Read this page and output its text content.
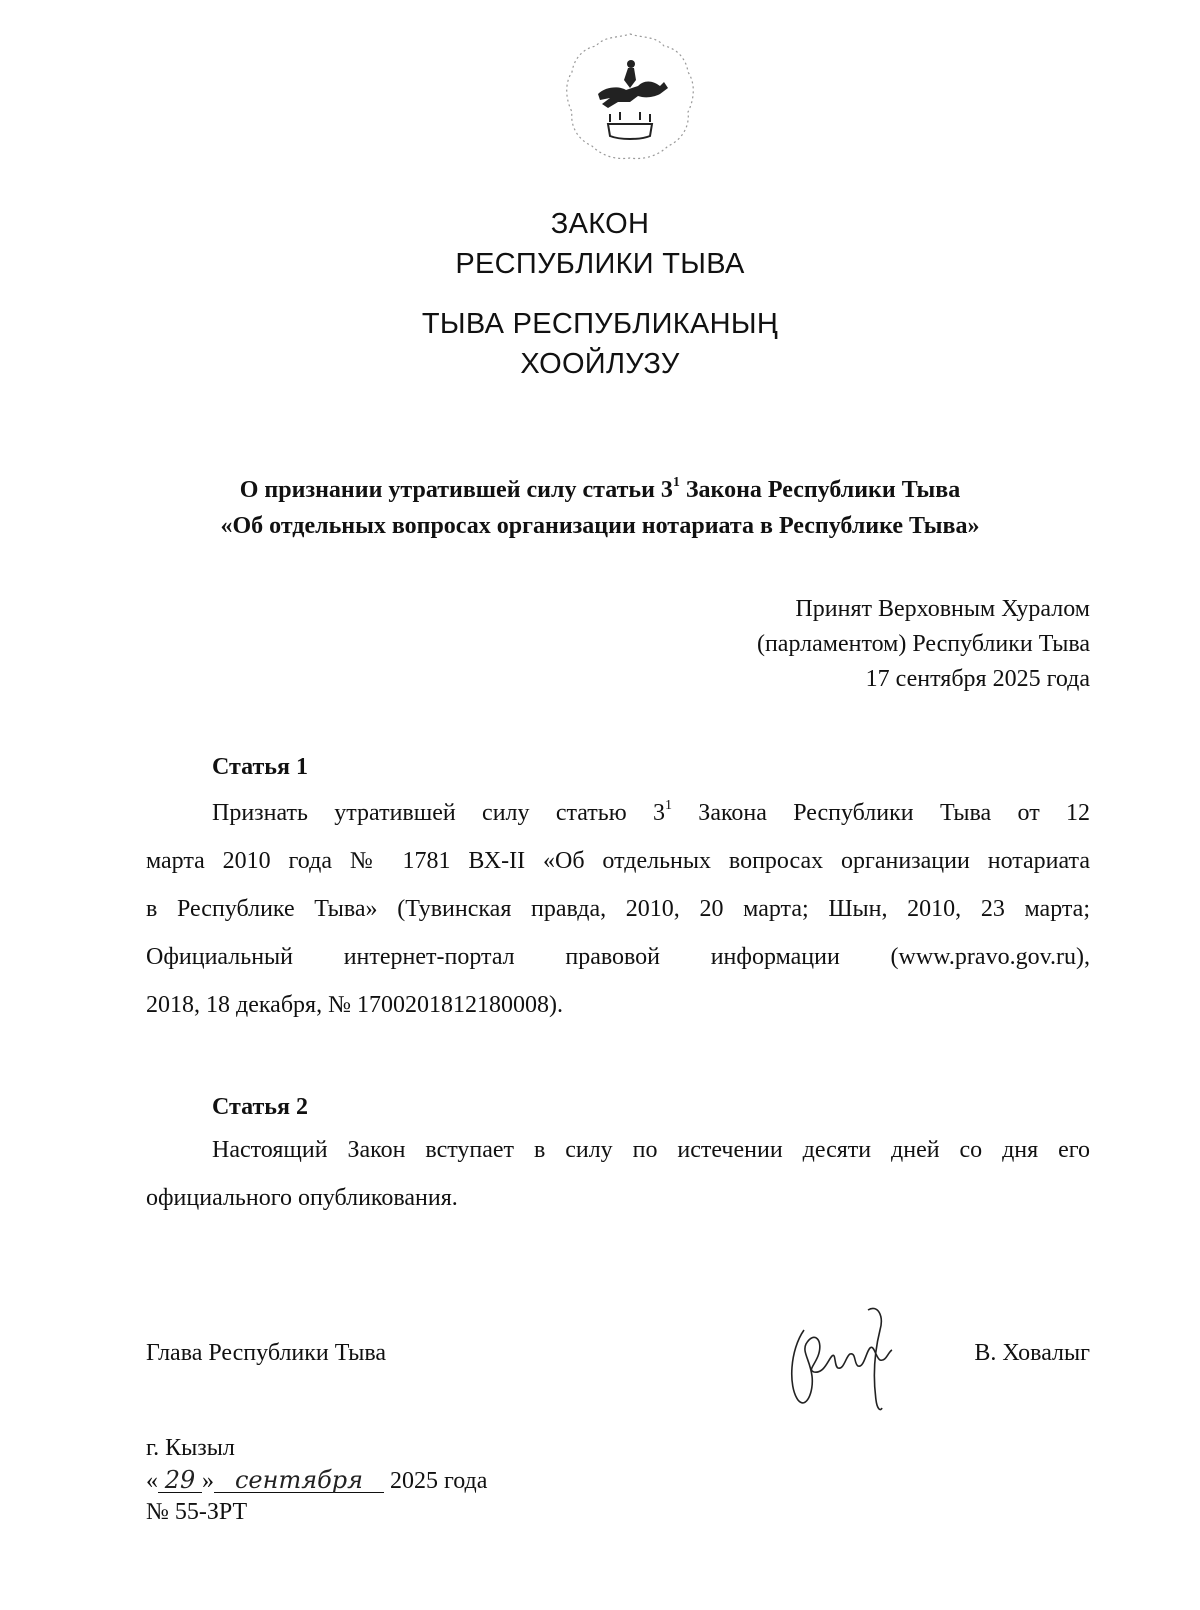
ЗАКОН
РЕСПУБЛИКИ ТЫВА
ТЫВА РЕСПУБЛИКАНЫҢ
ХООЙЛУЗУ
О признании утратившей силу статьи $3^1$ Закона Республики Тыва
«Об отдельных вопросах организации нотариата в Республике Тыва»
Принят Верховным Хуралом
(парламентом) Республики Тыва
17 сентября 2025 года
Статья 1
Признать утратившей силу статью $3^1$ Закона Республики Тыва от 12
марта 2010 года № 1781 ВХ-II «Об отдельных вопросах организации нотариата
в Республике Тыва» (Тувинская правда, 2010, 20 марта; Шын, 2010, 23 марта;
Официальный интернет-портал правовой информации (www.pravo.gov.ru),
2018, 18 декабря, № 1700201812180008).
Статья 2
Настоящий Закон вступает в силу по истечении десяти дней со дня его
официального опубликования.
Глава Республики Тыва	В. Ховалыг
г. Кызыл
« 29 » сентября 2025 года
№ 55-ЗРТ
